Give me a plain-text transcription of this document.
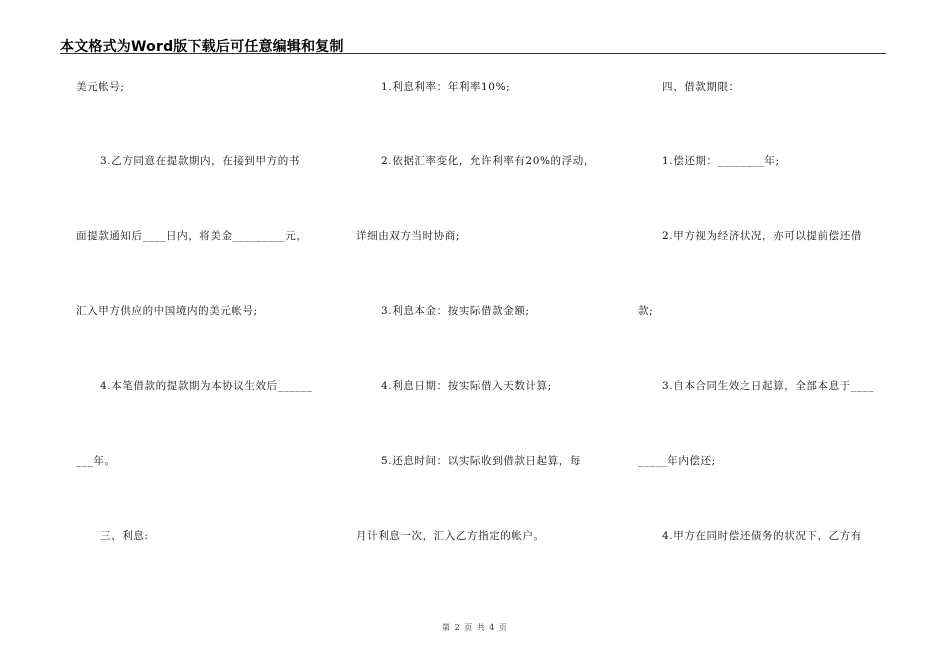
本文格式为Word版下载后可任意编辑和复制
美元帐号;
3.乙方同意在提款期内，在接到甲方的书
面提款通知后____日内，将美金_________元，
汇入甲方供应的中国境内的美元帐号;
4.本笔借款的提款期为本协议生效后______
___年。
三、利息:
1.利息利率：年利率10%;
2.依据汇率变化，允许利率有20%的浮动，
详细由双方当时协商;
3.利息本金：按实际借款金额;
4.利息日期：按实际借入天数计算;
5.还息时间：以实际收到借款日起算，每
月计利息一次，汇入乙方指定的帐户。
四、借款期限：
1.偿还期：________年;
2.甲方视为经济状况，亦可以提前偿还借
款;
3.自本合同生效之日起算，全部本息于____
_____年内偿还;
4.甲方在同时偿还债务的状况下，乙方有
第 2 页 共 4 页
